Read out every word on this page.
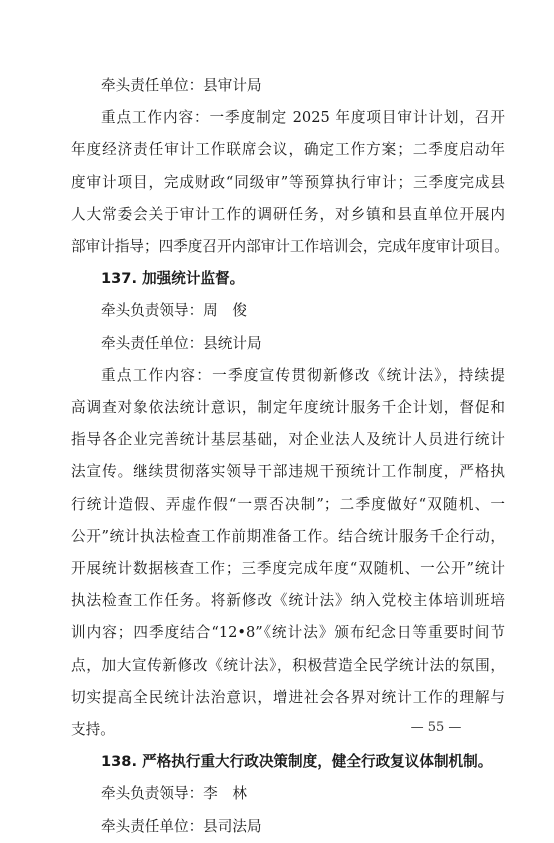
牵头责任单位：县审计局
重点工作内容：一季度制定 2025 年度项目审计计划，召开
年度经济责任审计工作联席会议，确定工作方案；二季度启动年
度审计项目，完成财政“同级审”等预算执行审计；三季度完成县
人大常委会关于审计工作的调研任务，对乡镇和县直单位开展内
部审计指导；四季度召开内部审计工作培训会，完成年度审计项目。
137. 加强统计监督。
牵头负责领导：周　俊
牵头责任单位：县统计局
重点工作内容：一季度宣传贯彻新修改《统计法》，持续提
高调查对象依法统计意识，制定年度统计服务千企计划，督促和
指导各企业完善统计基层基础，对企业法人及统计人员进行统计
法宣传。继续贯彻落实领导干部违规干预统计工作制度，严格执
行统计造假、弄虚作假“一票否决制”；二季度做好“双随机、一
公开”统计执法检查工作前期准备工作。结合统计服务千企行动，
开展统计数据核查工作；三季度完成年度“双随机、一公开”统计
执法检查工作任务。将新修改《统计法》纳入党校主体培训班培
训内容；四季度结合“12•8”《统计法》颁布纪念日等重要时间节
点，加大宣传新修改《统计法》，积极营造全民学统计法的氛围，
切实提高全民统计法治意识，增进社会各界对统计工作的理解与
支持。
138. 严格执行重大行政决策制度，健全行政复议体制机制。
牵头负责领导：李　林
牵头责任单位：县司法局
— 55 —
